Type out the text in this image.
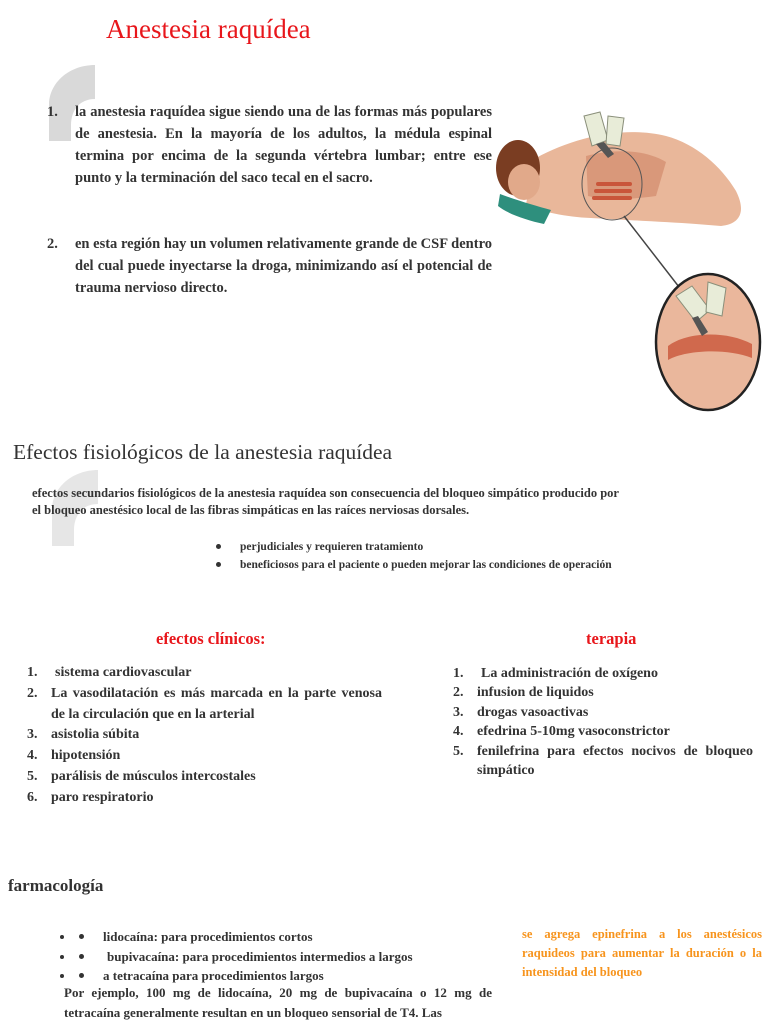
Anestesia raquídea
1. la anestesia raquídea sigue siendo una de las formas más populares de anestesia. En la mayoría de los adultos, la médula espinal termina por encima de la segunda vértebra lumbar; entre ese punto y la terminación del saco tecal en el sacro.

2. en esta región hay un volumen relativamente grande de CSF dentro del cual puede inyectarse la droga, minimizando así el potencial de trauma nervioso directo.

Efectos fisiológicos de la anestesia raquídea

efectos secundarios fisiológicos de la anestesia raquídea son consecuencia del bloqueo simpático producido por el bloqueo anestésico local de las fibras simpáticas en las raíces nerviosas dorsales.

perjudiciales y requieren tratamiento
beneficiosos para el paciente o pueden mejorar las condiciones de operación
efectos clínicos:	terapia
1. sistema cardiovascular
2. La vasodilatación es más marcada en la parte venosa de la circulación que en la arterial
3. asistolia súbita
4. hipotensión
5. parálisis de músculos intercostales
6. paro respiratorio
1. La administración de oxígeno
2. infusion de liquidos
3. drogas vasoactivas
4. efedrina 5-10mg vasoconstrictor
5. fenilefrina para efectos nocivos de bloqueo simpático
farmacología
• lidocaína: para procedimientos cortos
• bupivacaína: para procedimientos intermedios a largos
• a tetracaína para procedimientos largos

Por ejemplo, 100 mg de lidocaína, 20 mg de bupivacaína o 12 mg de tetracaína generalmente resultan en un bloqueo sensorial de T4. Las

se agrega epinefrina a los anestésicos raquideos para aumentar la duración o la intensidad del bloqueo
